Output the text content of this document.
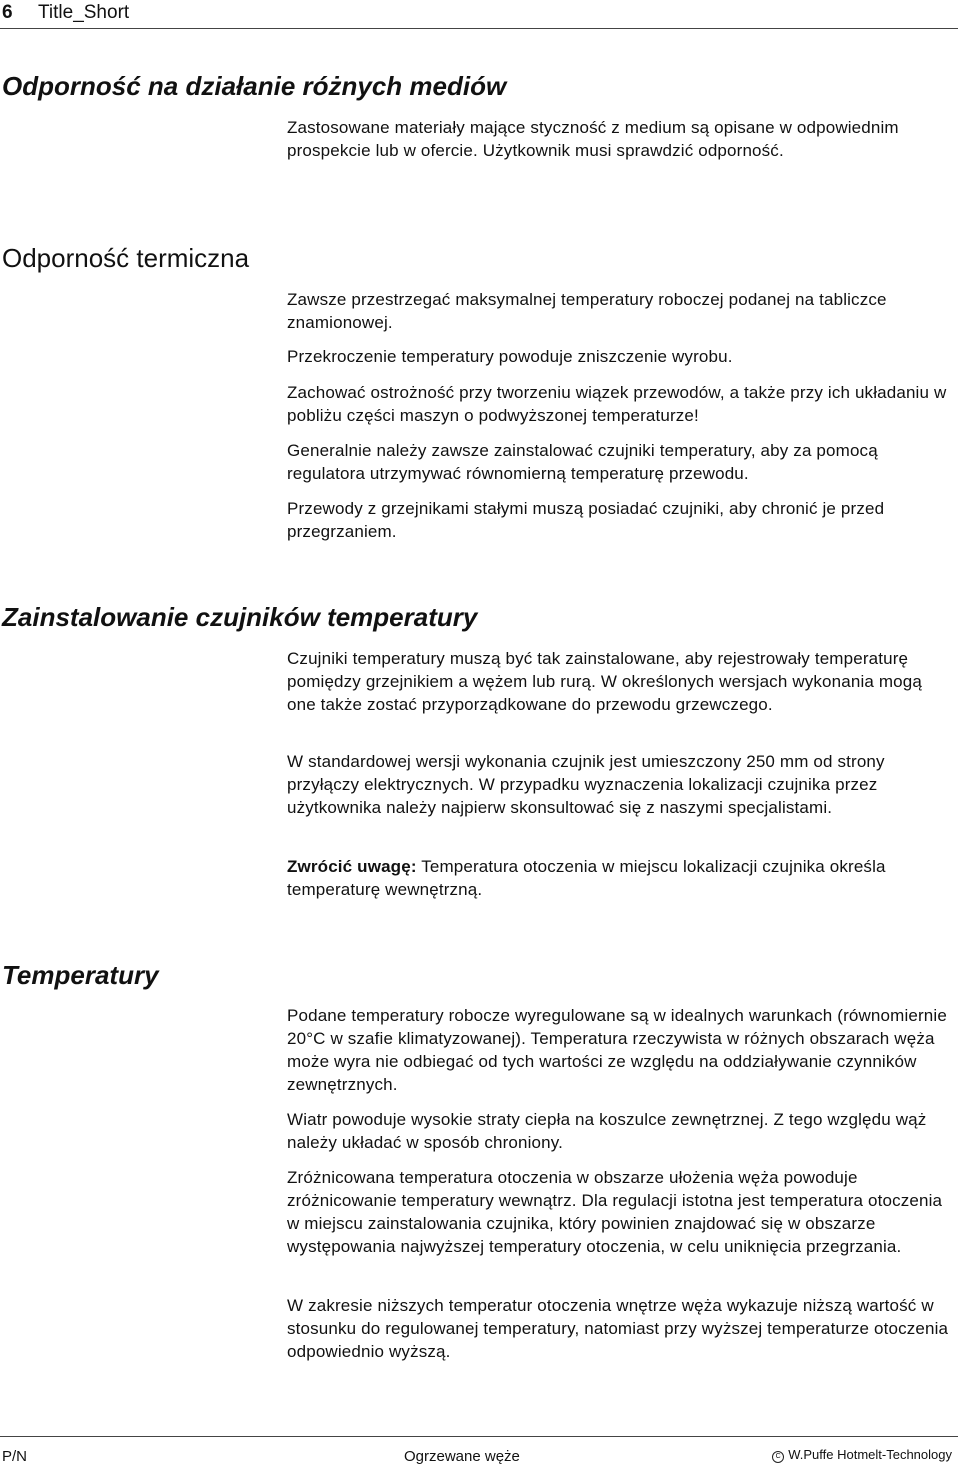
6 Title_Short
Odporność na działanie różnych mediów

Zastosowane materiały mające styczność z medium są opisane w odpowiednim prospekcie lub w ofercie. Użytkownik musi sprawdzić odporność.

Odporność termiczna

Zawsze przestrzegać maksymalnej temperatury roboczej podanej na tabliczce znamionowej.

Przekroczenie temperatury powoduje zniszczenie wyrobu.

Zachować ostrożność przy tworzeniu wiązek przewodów, a także przy ich układaniu w pobliżu części maszyn o podwyższonej temperaturze!

Generalnie należy zawsze zainstalować czujniki temperatury, aby za pomocą regulatora utrzymywać równomierną temperaturę przewodu.

Przewody z grzejnikami stałymi muszą posiadać czujniki, aby chronić je przed przegrzaniem.

Zainstalowanie czujników temperatury

Czujniki temperatury muszą być tak zainstalowane, aby rejestrowały temperaturę pomiędzy grzejnikiem a wężem lub rurą. W określonych wersjach wykonania mogą one także zostać przyporządkowane do przewodu grzewczego.

W standardowej wersji wykonania czujnik jest umieszczony 250 mm od strony przyłączy elektrycznych. W przypadku wyznaczenia lokalizacji czujnika przez użytkownika należy najpierw skonsultować się z naszymi specjalistami.

Zwrócić uwagę: Temperatura otoczenia w miejscu lokalizacji czujnika określa temperaturę wewnętrzną.

Temperatury

Podane temperatury robocze wyregulowane są w idealnych warunkach (równomiernie 20°C w szafie klimatyzowanej). Temperatura rzeczywista w różnych obszarach węża może wyra nie odbiegać od tych wartości ze względu na oddziaływanie czynników zewnętrznych.

Wiatr powoduje wysokie straty ciepła na koszulce zewnętrznej. Z tego względu wąż należy układać w sposób chroniony.

Zróżnicowana temperatura otoczenia w obszarze ułożenia węża powoduje zróżnicowanie temperatury wewnątrz. Dla regulacji istotna jest temperatura otoczenia w miejscu zainstalowania czujnika, który powinien znajdować się w obszarze występowania najwyższej temperatury otoczenia, w celu uniknięcia przegrzania.

W zakresie niższych temperatur otoczenia wnętrze węża wykazuje niższą wartość w stosunku do regulowanej temperatury, natomiast przy wyższej temperaturze otoczenia odpowiednio wyższą.

P/N	Ogrzewane węże	C W.Puffe Hotmelt-Technology
